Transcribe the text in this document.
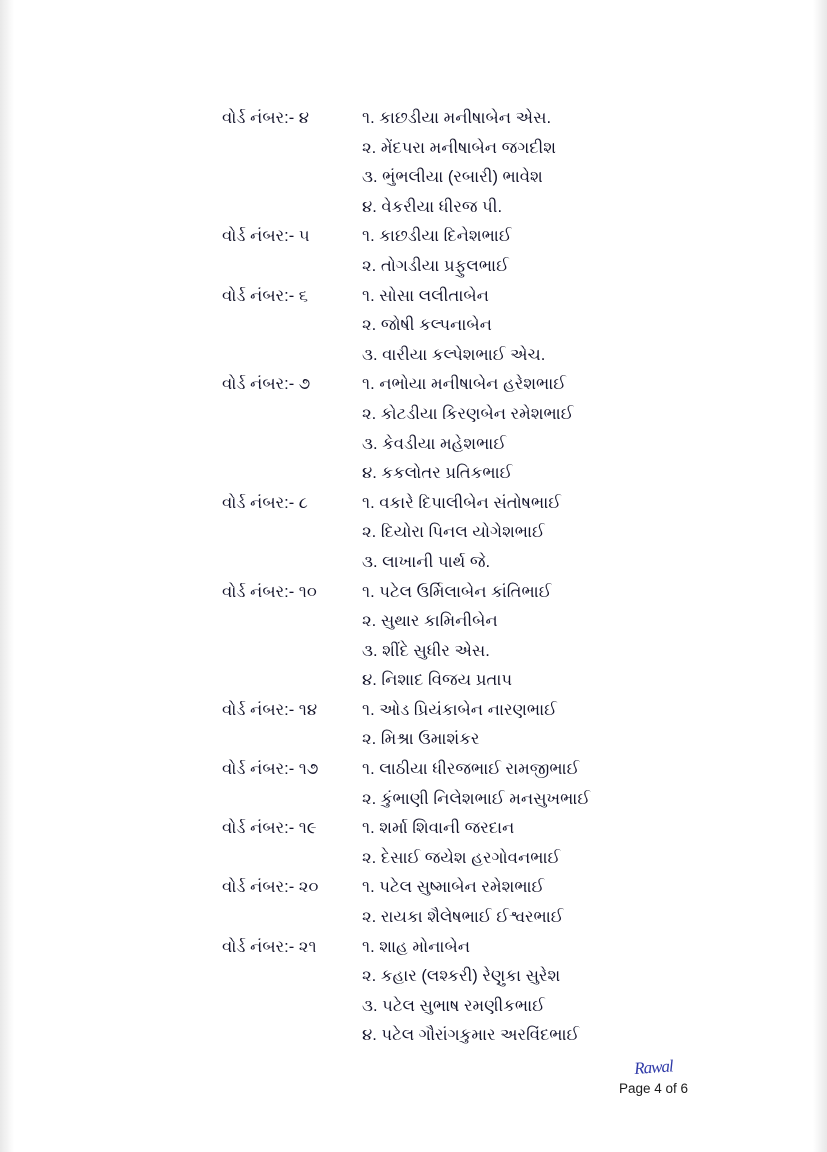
વોર્ડ નંબર:- ૪	૧. કાછડીયા મનીષાબેન એસ.
૨. મેંદપરા મનીષાબેન જગદીશ
૩. ભુંભલીયા (રબારી) ભાવેશ
૪. વેકરીયા ધીરજ પી.
વોર્ડ નંબર:- ૫	૧. કાછડીયા દિનેશભાઈ
૨. તોગડીયા પ્રફુલભાઈ
વોર્ડ નંબર:- ૬	૧. સોસા લલીતાબેન
૨. જોષી કલ્પનાબેન
૩. વારીયા કલ્પેશભાઈ એચ.
વોર્ડ નંબર:- ૭	૧. નભોયા મનીષાબેન હરેશભાઈ
૨. કોટડીયા કિરણબેન રમેશભાઈ
૩. કેવડીયા મહેશભાઈ
૪. કકલોતર પ્રતિકભાઈ
વોર્ડ નંબર:- ૮	૧. વકારે દિપાલીબેન સંતોષભાઈ
૨. દિયોરા પિનલ યોગેશભાઈ
૩. લાખાની પાર્થ જે.
વોર્ડ નંબર:- ૧૦	૧. પટેલ ઉર્મિલાબેન કાંતિભાઈ
૨. સુથાર કામિનીબેન
૩. શીંદે સુધીર એસ.
૪. નિશાદ વિજય પ્રતાપ
વોર્ડ નંબર:- ૧૪	૧. ઓડ પ્રિયંકાબેન નારણભાઈ
૨. મિશ્રા ઉમાશંકર
વોર્ડ નંબર:- ૧૭	૧. લાઠીયા ધીરજભાઈ રામજીભાઈ
૨. કુંભાણી નિલેશભાઈ મનસુખભાઈ
વોર્ડ નંબર:- ૧૯	૧. શર્મા શિવાની જરદાન
૨. દેસાઈ જયેશ હરગોવનભાઈ
વોર્ડ નંબર:- ૨૦	૧. પટેલ સુષ્માબેન રમેશભાઈ
૨. રાયકા શૈલેષભાઈ ઈશ્વરભાઈ
વોર્ડ નંબર:- ૨૧	૧. શાહ મોનાબેન
૨. કહાર (લશ્કરી) રેણુકા સુરેશ
૩. પટેલ સુભાષ રમણીકભાઈ
૪. પટેલ ગૌરાંગકુમાર અરવિંદભાઈ
Rawal
Page 4 of 6
